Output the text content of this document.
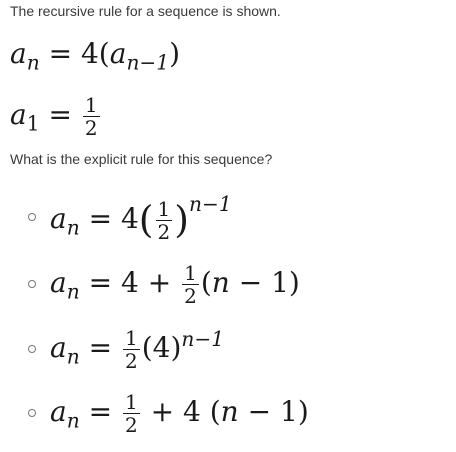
The recursive rule for a sequence is shown.
$a_n = 4(a_{n-1})$
$a_1 = \frac{1}{2}$
What is the explicit rule for this sequence?
$a_n = 4( \frac{1}{2} )^{n-1}$
$a_n = 4 + \frac{1}{2} (n - 1)$
$a_n = \frac{1}{2} (4)^{n-1}$
$a_n = \frac{1}{2} + 4$ (n − 1)
